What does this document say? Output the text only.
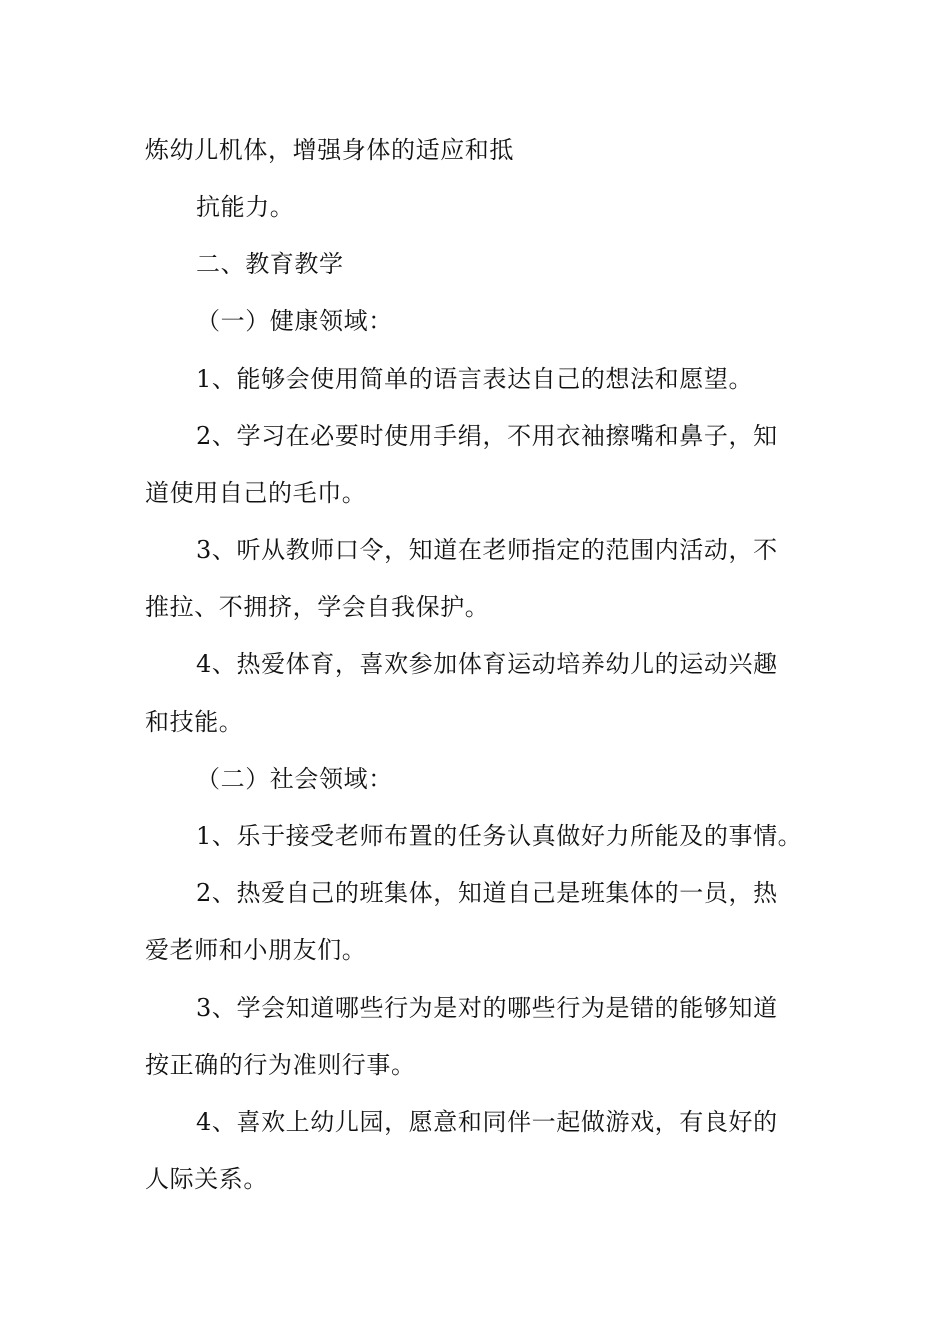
炼幼儿机体，增强身体的适应和抵
抗能力。
二、教育教学
（一）健康领域：
1、能够会使用简单的语言表达自己的想法和愿望。
2、学习在必要时使用手绢，不用衣袖擦嘴和鼻子，知
道使用自己的毛巾。
3、听从教师口令，知道在老师指定的范围内活动，不
推拉、不拥挤，学会自我保护。
4、热爱体育，喜欢参加体育运动培养幼儿的运动兴趣
和技能。
（二）社会领域：
1、乐于接受老师布置的任务认真做好力所能及的事情。
2、热爱自己的班集体，知道自己是班集体的一员，热
爱老师和小朋友们。
3、学会知道哪些行为是对的哪些行为是错的能够知道
按正确的行为准则行事。
4、喜欢上幼儿园，愿意和同伴一起做游戏，有良好的
人际关系。
